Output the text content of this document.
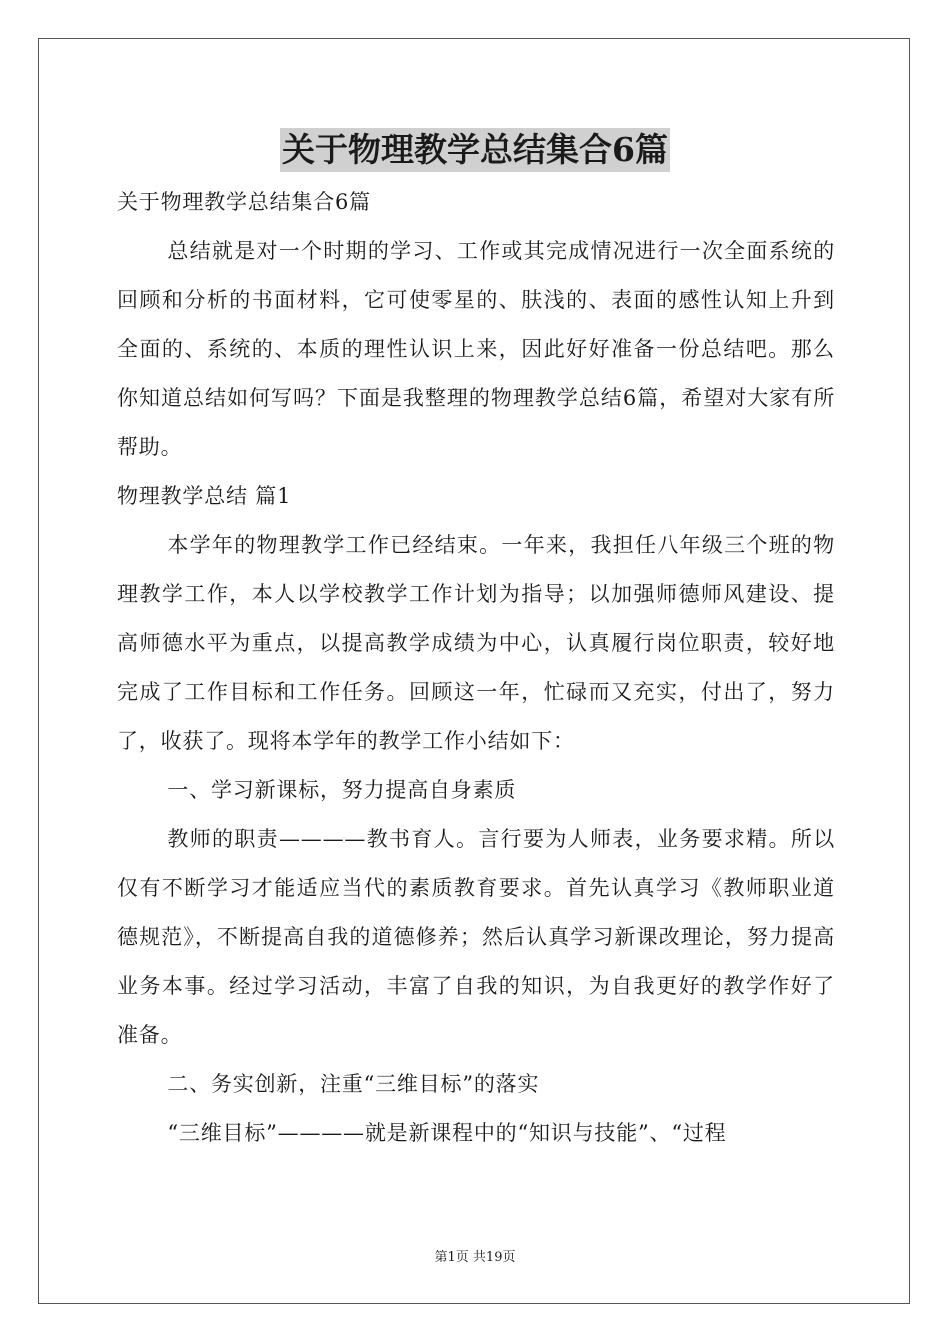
关于物理教学总结集合6篇
关于物理教学总结集合6篇
总结就是对一个时期的学习、工作或其完成情况进行一次全面系统的回顾和分析的书面材料，它可使零星的、肤浅的、表面的感性认知上升到全面的、系统的、本质的理性认识上来，因此好好准备一份总结吧。那么你知道总结如何写吗？下面是我整理的物理教学总结6篇，希望对大家有所帮助。
物理教学总结 篇1
本学年的物理教学工作已经结束。一年来，我担任八年级三个班的物理教学工作，本人以学校教学工作计划为指导；以加强师德师风建设、提高师德水平为重点，以提高教学成绩为中心，认真履行岗位职责，较好地完成了工作目标和工作任务。回顾这一年，忙碌而又充实，付出了，努力了，收获了。现将本学年的教学工作小结如下：
一、学习新课标，努力提高自身素质
教师的职责————教书育人。言行要为人师表，业务要求精。所以仅有不断学习才能适应当代的素质教育要求。首先认真学习《教师职业道德规范》，不断提高自我的道德修养；然后认真学习新课改理论，努力提高业务本事。经过学习活动，丰富了自我的知识，为自我更好的教学作好了准备。
二、务实创新，注重“三维目标”的落实
“三维目标”————就是新课程中的“知识与技能”、“过程
第1页 共19页
